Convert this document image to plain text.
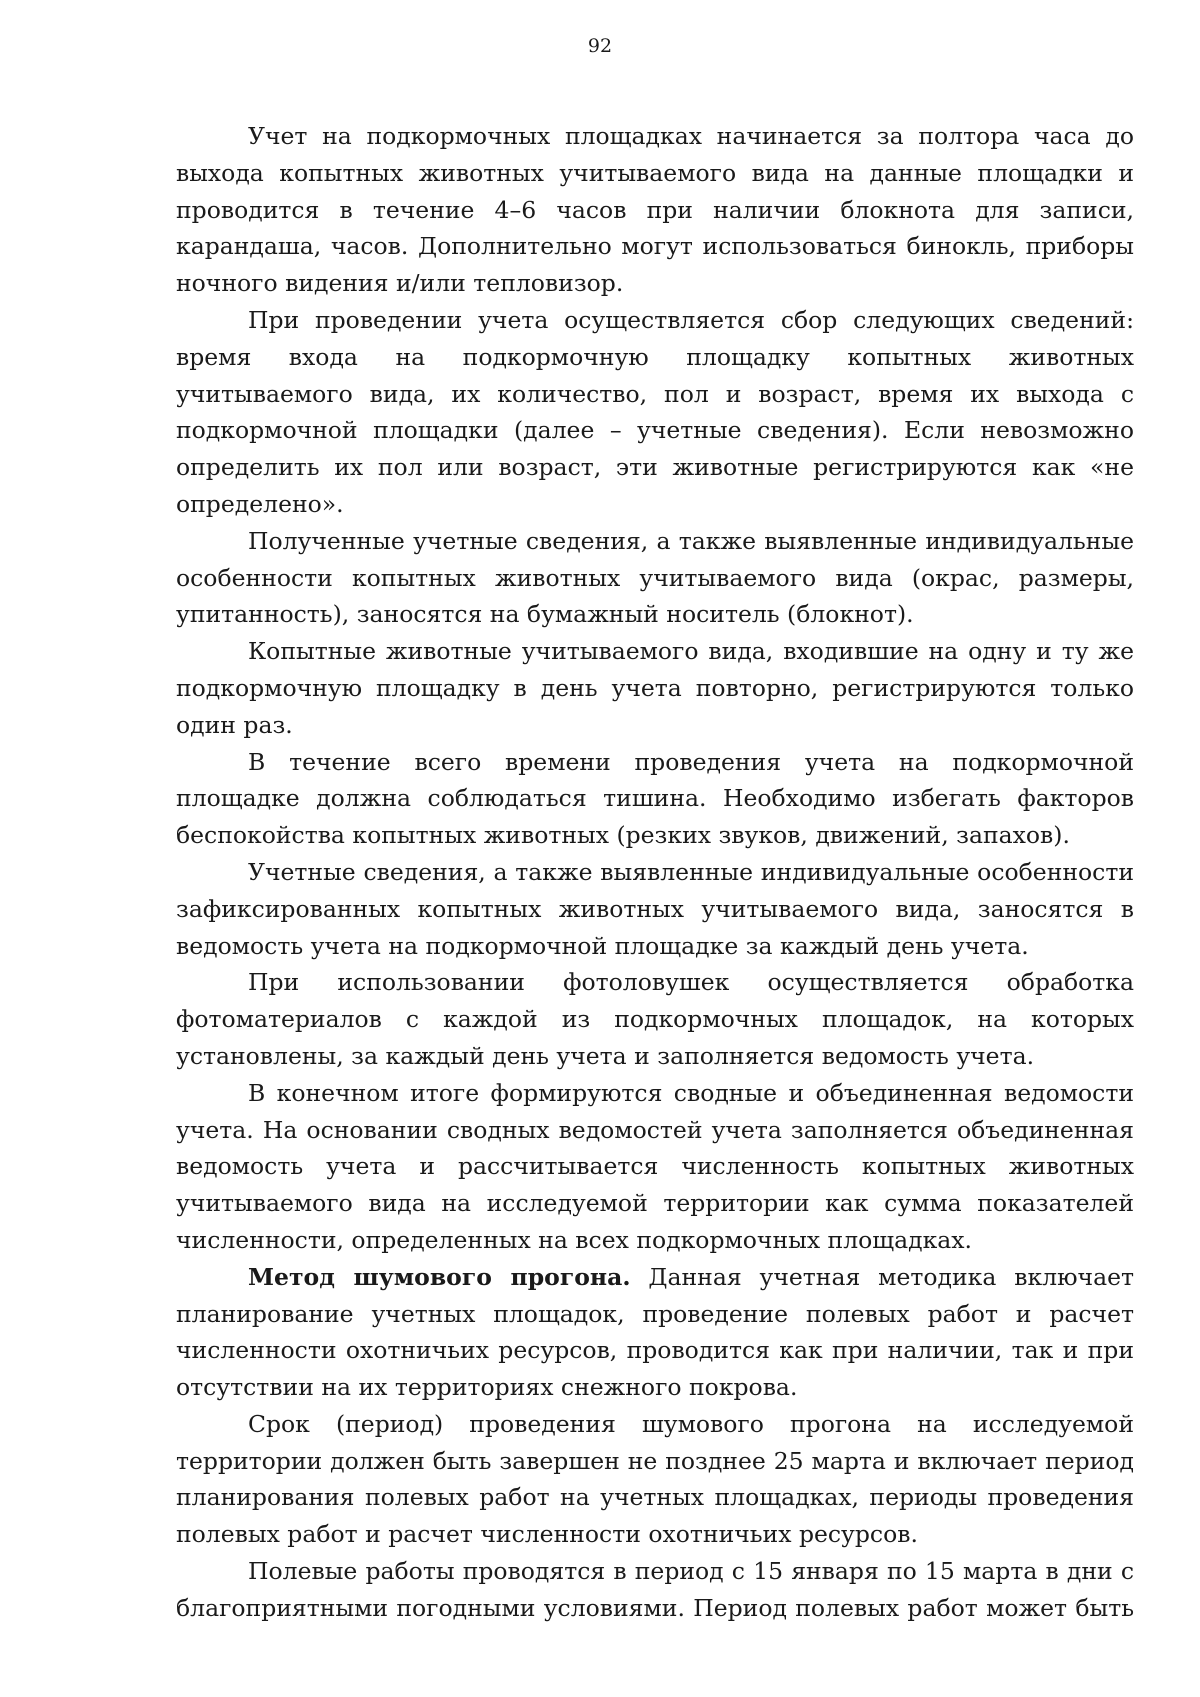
92

Учет на подкормочных площадках начинается за полтора часа до выхода копытных животных учитываемого вида на данные площадки и проводится в течение 4–6 часов при наличии блокнота для записи, карандаша, часов. Дополнительно могут использоваться бинокль, приборы ночного видения и/или тепловизор.

При проведении учета осуществляется сбор следующих сведений: время входа на подкормочную площадку копытных животных учитываемого вида, их количество, пол и возраст, время их выхода с подкормочной площадки (далее – учетные сведения). Если невозможно определить их пол или возраст, эти животные регистрируются как «не определено».

Полученные учетные сведения, а также выявленные индивидуальные особенности копытных животных учитываемого вида (окрас, размеры, упитанность), заносятся на бумажный носитель (блокнот).

Копытные животные учитываемого вида, входившие на одну и ту же подкормочную площадку в день учета повторно, регистрируются только один раз.

В течение всего времени проведения учета на подкормочной площадке должна соблюдаться тишина. Необходимо избегать факторов беспокойства копытных животных (резких звуков, движений, запахов).

Учетные сведения, а также выявленные индивидуальные особенности зафиксированных копытных животных учитываемого вида, заносятся в ведомость учета на подкормочной площадке за каждый день учета.

При использовании фотоловушек осуществляется обработка фотоматериалов с каждой из подкормочных площадок, на которых установлены, за каждый день учета и заполняется ведомость учета.

В конечном итоге формируются сводные и объединенная ведомости учета. На основании сводных ведомостей учета заполняется объединенная ведомость учета и рассчитывается численность копытных животных учитываемого вида на исследуемой территории как сумма показателей численности, определенных на всех подкормочных площадках.

Метод шумового прогона. Данная учетная методика включает планирование учетных площадок, проведение полевых работ и расчет численности охотничьих ресурсов, проводится как при наличии, так и при отсутствии на их территориях снежного покрова.

Срок (период) проведения шумового прогона на исследуемой территории должен быть завершен не позднее 25 марта и включает период планирования полевых работ на учетных площадках, периоды проведения полевых работ и расчет численности охотничьих ресурсов.

Полевые работы проводятся в период с 15 января по 15 марта в дни с благоприятными погодными условиями. Период полевых работ может быть
